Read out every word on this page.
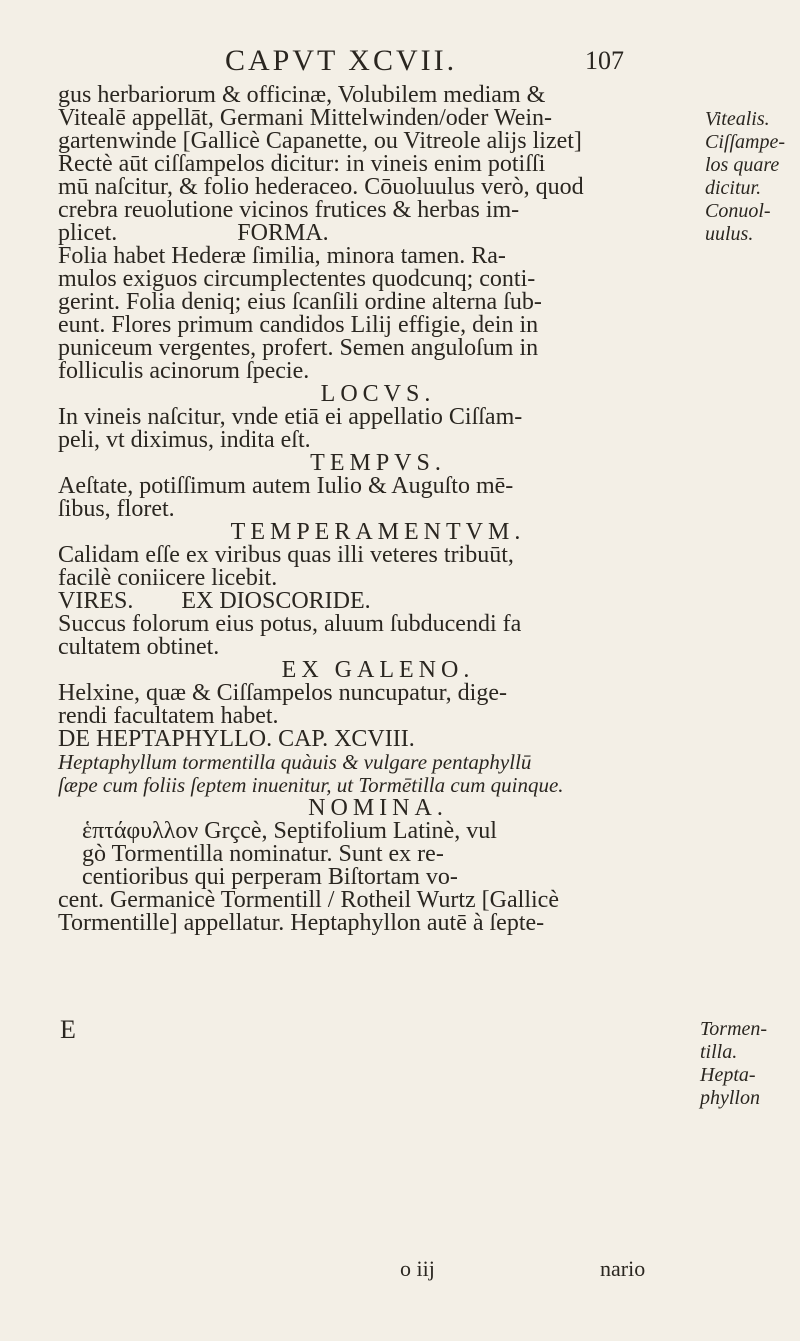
CAPVT XCVII.	107
gus herbariorum & officinæ, Volubilem mediam &
Vitealē appellāt, Germani Mittelwinden/oder Wein-
gartenwinde [Gallicè Capanette, ou Vitreole alijs lizet]
Rectè aūt ciſſampelos dicitur: in vineis enim potiſſi
mū naſcitur, & folio hederaceo. Cōuoluulus verò, quod
crebra reuolutione vicinos frutices & herbas im-
plicet.                    FORMA.
Folia habet Hederæ ſimilia, minora tamen. Ra-
mulos exiguos circumplectentes quodcunq; conti-
gerint. Folia deniq; eius ſcanſili ordine alterna ſub-
eunt. Flores primum candidos Lilij effigie, dein in
puniceum vergentes, profert. Semen anguloſum in
folliculis acinorum ſpecie.
LOCVS.
In vineis naſcitur, vnde etiā ei appellatio Ciſſam-
peli, vt diximus, indita eſt.
TEMPVS.
Aeſtate, potiſſimum autem Iulio & Auguſto mē-
ſibus, floret.
TEMPERAMENTVM.
Calidam eſſe ex viribus quas illi veteres tribuūt,
facilè coniicere licebit.
VIRES.        EX DIOSCORIDE.
Succus folorum eius potus, aluum ſubducendi fa
cultatem obtinet.
EX GALENO.
Helxine, quæ & Ciſſampelos nuncupatur, dige-
rendi facultatem habet.
DE HEPTAPHYLLO. CAP. XCVIII.
Heptaphyllum tormentilla quàuis & vulgare pentaphyllū
ſæpe cum foliis ſeptem inuenitur, ut Tormētilla cum quinque.
NOMINA.
ἑπτάφυλλον Grçcè, Septifolium Latinè, vul
gò Tormentilla nominatur. Sunt ex re-
centioribus qui perperam Biſtortam vo-
cent. Germanicè Tormentill / Rotheil Wurtz [Gallicè
Tormentille] appellatur. Heptaphyllon autē à ſepte-
Vitealis.
Ciſſampe-
los quare
dicitur.
Conuol-
uulus.
Tormen-
tilla.
Hepta-
phyllon
o iij	nario
E
